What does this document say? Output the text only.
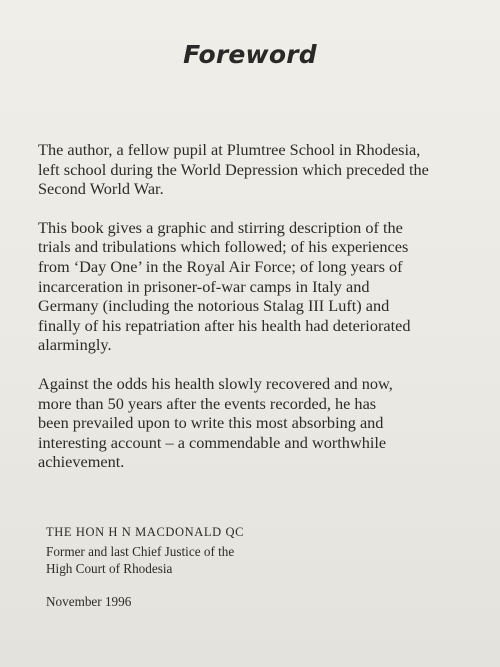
Foreword

The author, a fellow pupil at Plumtree School in Rhodesia,
left school during the World Depression which preceded the
Second World War.

This book gives a graphic and stirring description of the
trials and tribulations which followed; of his experiences
from ‘Day One’ in the Royal Air Force; of long years of
incarceration in prisoner-of-war camps in Italy and
Germany (including the notorious Stalag III Luft) and
finally of his repatriation after his health had deteriorated
alarmingly.

Against the odds his health slowly recovered and now,
more than 50 years after the events recorded, he has
been prevailed upon to write this most absorbing and
interesting account – a commendable and worthwhile
achievement.

THE HON H N MACDONALD QC

Former and last Chief Justice of the
High Court of Rhodesia

November 1996
